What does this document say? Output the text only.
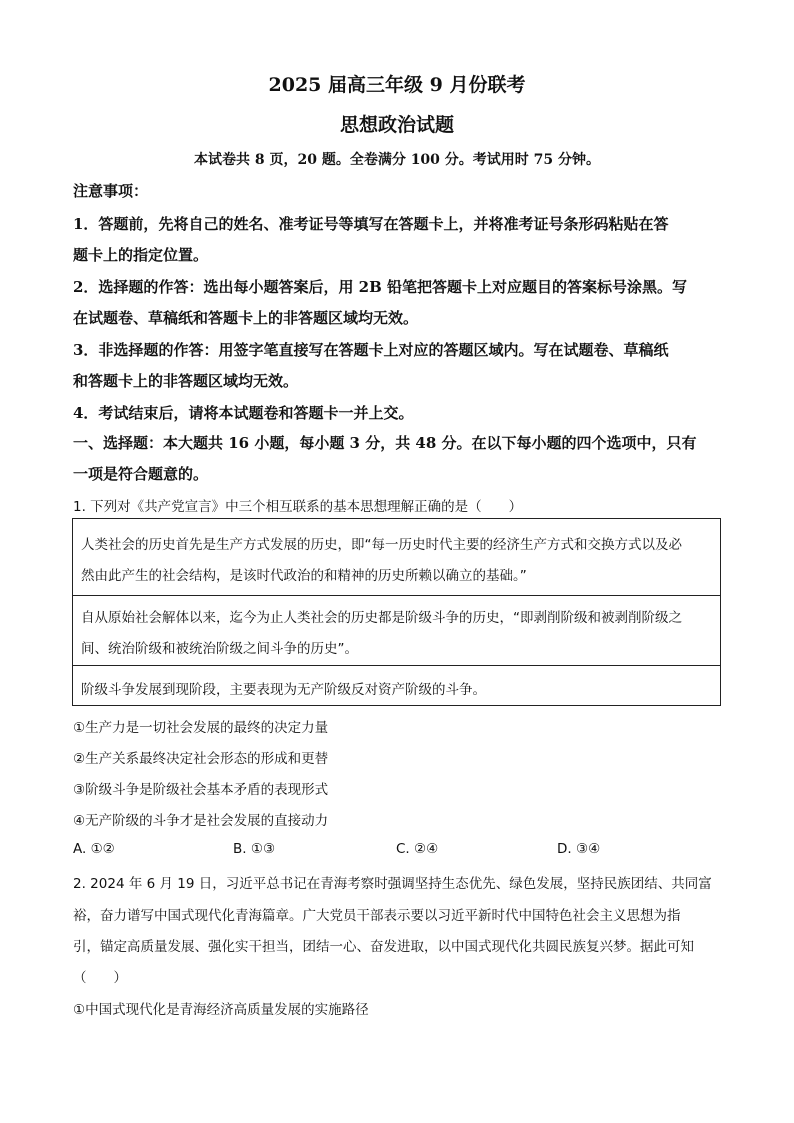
2025 届高三年级 9 月份联考
思想政治试题
本试卷共 8 页，20 题。全卷满分 100 分。考试用时 75 分钟。
注意事项：
1．答题前，先将自己的姓名、准考证号等填写在答题卡上，并将准考证号条形码粘贴在答
题卡上的指定位置。
2．选择题的作答：选出每小题答案后，用 2B 铅笔把答题卡上对应题目的答案标号涂黑。写
在试题卷、草稿纸和答题卡上的非答题区域均无效。
3．非选择题的作答：用签字笔直接写在答题卡上对应的答题区域内。写在试题卷、草稿纸
和答题卡上的非答题区域均无效。
4．考试结束后，请将本试题卷和答题卡一并上交。
一、选择题：本大题共 16 小题，每小题 3 分，共 48 分。在以下每小题的四个选项中，只有
一项是符合题意的。
1. 下列对《共产党宣言》中三个相互联系的基本思想理解正确的是（　　）
人类社会的历史首先是生产方式发展的历史，即“每一历史时代主要的经济生产方式和交换方式以及必
然由此产生的社会结构，是该时代政治的和精神的历史所赖以确立的基础。”
自从原始社会解体以来，迄今为止人类社会的历史都是阶级斗争的历史，“即剥削阶级和被剥削阶级之
间、统治阶级和被统治阶级之间斗争的历史”。
阶级斗争发展到现阶段，主要表现为无产阶级反对资产阶级的斗争。
①生产力是一切社会发展的最终的决定力量
②生产关系最终决定社会形态的形成和更替
③阶级斗争是阶级社会基本矛盾的表现形式
④无产阶级的斗争才是社会发展的直接动力
A. ①②	B. ①③	C. ②④	D. ③④
2. 2024 年 6 月 19 日，习近平总书记在青海考察时强调坚持生态优先、绿色发展，坚持民族团结、共同富
裕，奋力谱写中国式现代化青海篇章。广大党员干部表示要以习近平新时代中国特色社会主义思想为指
引，锚定高质量发展、强化实干担当，团结一心、奋发进取，以中国式现代化共圆民族复兴梦。据此可知
（　　）
①中国式现代化是青海经济高质量发展的实施路径
